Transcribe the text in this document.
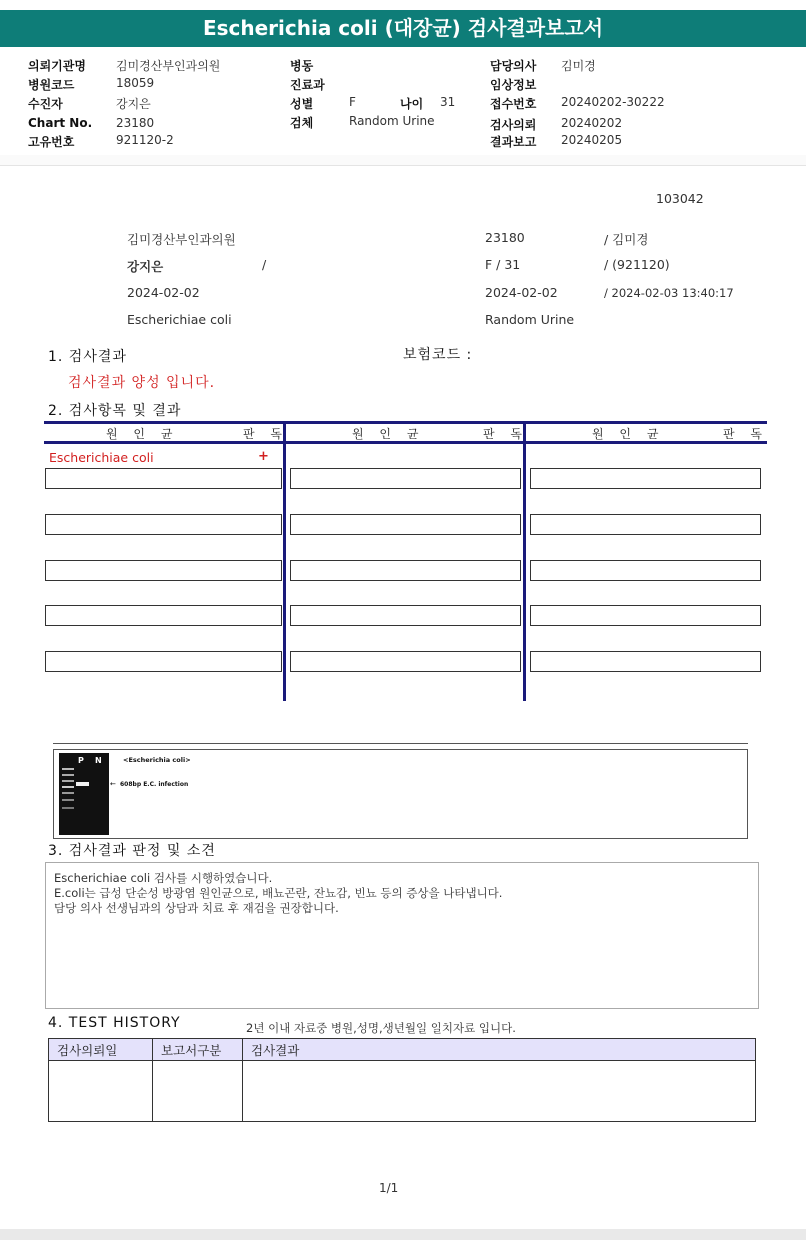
Escherichia coli (대장균) 검사결과보고서
의뢰기관명	김미경산부인과의원
병원코드	18059
수진자	강지은
Chart No. 23180
고유번호	921120-2
병동
진료과
성별	F	나이 31
검체	Random Urine
담당의사 김미경
임상정보
접수번호 20240202-30222
검사의뢰 20240202
결과보고 20240205
103042
김미경산부인과의원	23180	/ 김미경
강지은	/	F / 31	/ (921120)
2024-02-02	2024-02-02	/ 2024-02-03 13:40:17
Escherichiae coli	Random Urine
1. 검사결과	보험코드 :
검사결과 양성 입니다.
2. 검사항목 및 결과
원 인 균	판 독	원 인 균	판 독	원 인 균	판 독
Escherichiae coli	+
P N	<Escherichia coli>
← 608bp E.C. infection
3. 검사결과 판정 및 소견
Escherichiae coli 검사를 시행하였습니다.
E.coli는 급성 단순성 방광염 원인균으로, 배뇨곤란, 잔뇨감, 빈뇨 등의 증상을 나타냅니다.
담당 의사 선생님과의 상담과 치료 후 재검을 권장합니다.
4. TEST HISTORY	2년 이내 자료중 병원,성명,생년월일 일치자료 입니다.
검사의뢰일	보고서구분	검사결과

1/1
